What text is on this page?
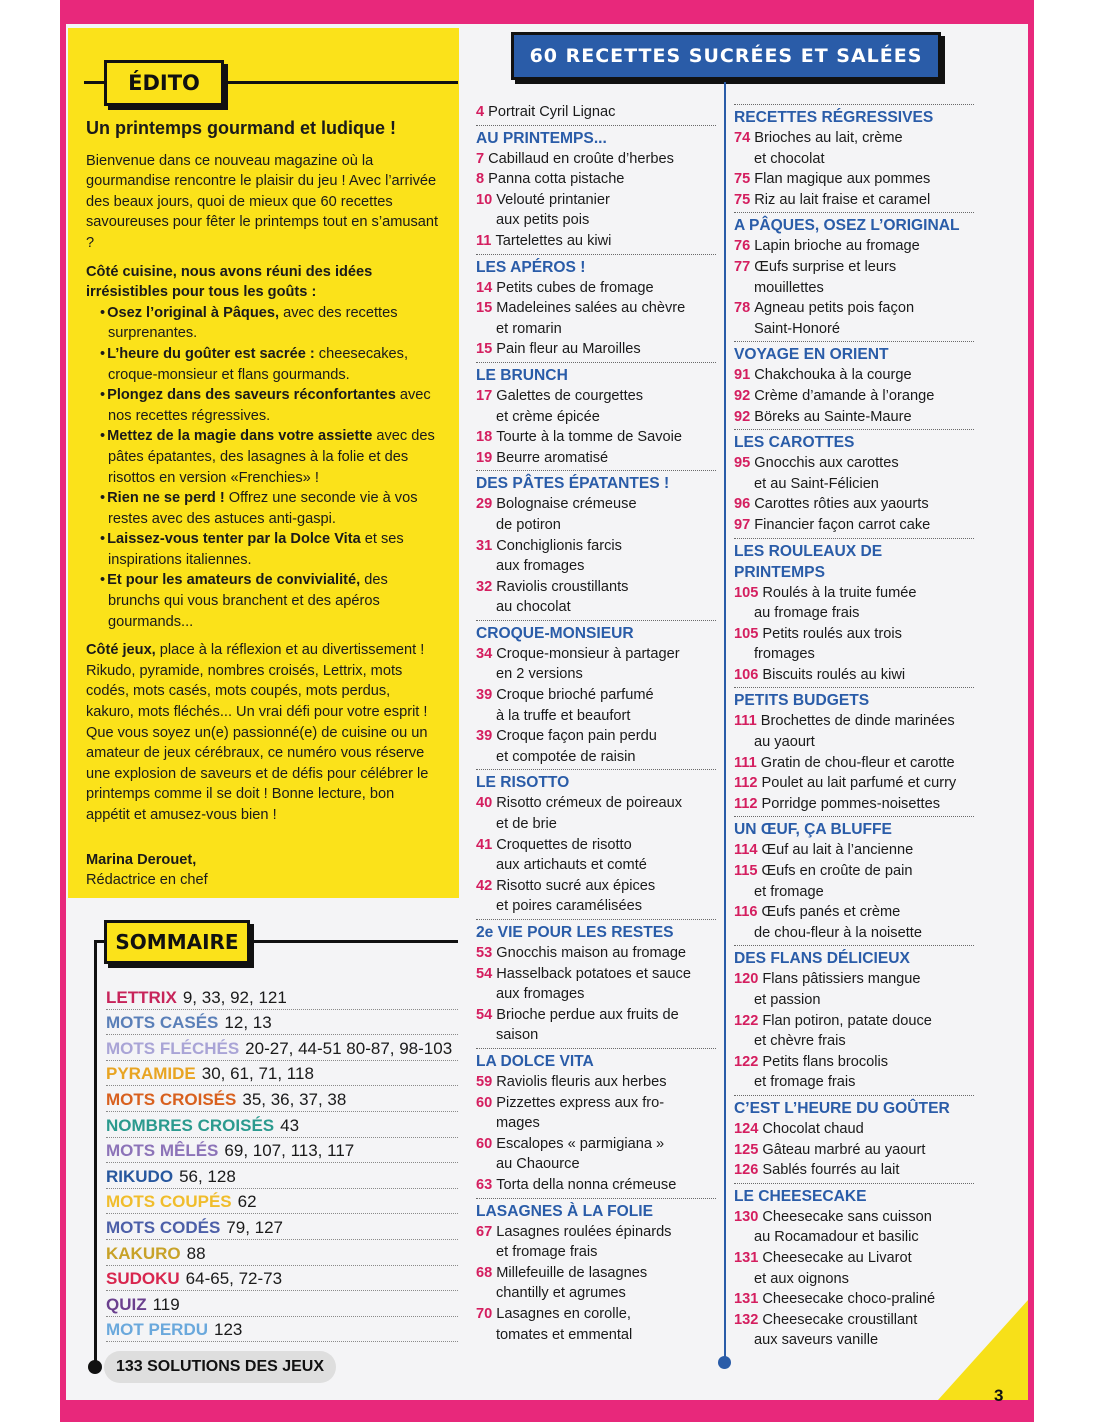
ÉDITO
Un printemps gourmand et ludique !

Bienvenue dans ce nouveau magazine où la gourmandise rencontre le plaisir du jeu ! Avec l’arrivée des beaux jours, quoi de mieux que 60 recettes savoureuses pour fêter le printemps tout en s’amusant ?

Côté cuisine, nous avons réuni des idées irrésistibles pour tous les goûts :

• Osez l’original à Pâques, avec des recettes surprenantes.
• L’heure du goûter est sacrée : cheesecakes, croque-monsieur et flans gourmands.
• Plongez dans des saveurs réconfortantes avec nos recettes régressives.
• Mettez de la magie dans votre assiette avec des pâtes épatantes, des lasagnes à la folie et des risottos en version «Frenchies» !
• Rien ne se perd ! Offrez une seconde vie à vos restes avec des astuces anti-gaspi.
• Laissez-vous tenter par la Dolce Vita et ses inspirations italiennes.
• Et pour les amateurs de convivialité, des brunchs qui vous branchent et des apéros gourmands...

Côté jeux, place à la réflexion et au divertissement ! Rikudo, pyramide, nombres croisés, Lettrix, mots codés, mots casés, mots coupés, mots perdus, kakuro, mots fléchés... Un vrai défi pour votre esprit ! Que vous soyez un(e) passionné(e) de cuisine ou un amateur de jeux cérébraux, ce numéro vous réserve une explosion de saveurs et de défis pour célébrer le printemps comme il se doit ! Bonne lecture, bon appétit et amusez-vous bien !

Marina Derouet,
Rédactrice en chef
SOMMAIRE
LETTRIX 9, 33, 92, 121
MOTS CASÉS 12, 13
MOTS FLÉCHÉS 20-27, 44-51 80-87, 98-103
PYRAMIDE 30, 61, 71, 118
MOTS CROISÉS 35, 36, 37, 38
NOMBRES CROISÉS 43
MOTS MÊLÉS 69, 107, 113, 117
RIKUDO 56, 128
MOTS COUPÉS 62
MOTS CODÉS 79, 127
KAKURO 88
SUDOKU 64-65, 72-73
QUIZ 119
MOT PERDU 123
133 SOLUTIONS DES JEUX
60 RECETTES SUCRÉES ET SALÉES
4 Portrait Cyril Lignac
AU PRINTEMPS...
7 Cabillaud en croûte d’herbes
8 Panna cotta pistache
10 Velouté printanier
aux petits pois
11 Tartelettes au kiwi
LES APÉROS !
14 Petits cubes de fromage
15 Madeleines salées au chèvre
et romarin
15 Pain fleur au Maroilles
LE BRUNCH
17 Galettes de courgettes
et crème épicée
18 Tourte à la tomme de Savoie
19 Beurre aromatisé
DES PÂTES ÉPATANTES !
29 Bolognaise crémeuse
de potiron
31 Conchiglionis farcis
aux fromages
32 Raviolis croustillants
au chocolat
CROQUE-MONSIEUR
34 Croque-monsieur à partager
en 2 versions
39 Croque brioché parfumé
à la truffe et beaufort
39 Croque façon pain perdu
et compotée de raisin
LE RISOTTO
40 Risotto crémeux de poireaux
et de brie
41 Croquettes de risotto
aux artichauts et comté
42 Risotto sucré aux épices
et poires caramélisées
2e VIE POUR LES RESTES
53 Gnocchis maison au fromage
54 Hasselback potatoes et sauce
aux fromages
54 Brioche perdue aux fruits de
saison
LA DOLCE VITA
59 Raviolis fleuris aux herbes
60 Pizzettes express aux fro-
mages
60 Escalopes « parmigiana »
au Chaource
63 Torta della nonna crémeuse
LASAGNES À LA FOLIE
67 Lasagnes roulées épinards
et fromage frais
68 Millefeuille de lasagnes
chantilly et agrumes
70 Lasagnes en corolle,
tomates et emmental
RECETTES RÉGRESSIVES
74 Brioches au lait, crème
et chocolat
75 Flan magique aux pommes
75 Riz au lait fraise et caramel
A PÂQUES, OSEZ L’ORIGINAL
76 Lapin brioche au fromage
77 Œufs surprise et leurs
mouillettes
78 Agneau petits pois façon
Saint-Honoré
VOYAGE EN ORIENT
91 Chakchouka à la courge
92 Crème d’amande à l’orange
92 Böreks au Sainte-Maure
LES CAROTTES
95 Gnocchis aux carottes
et au Saint-Félicien
96 Carottes rôties aux yaourts
97 Financier façon carrot cake
LES ROULEAUX DE PRINTEMPS
105 Roulés à la truite fumée
au fromage frais
105 Petits roulés aux trois
fromages
106 Biscuits roulés au kiwi
PETITS BUDGETS
111 Brochettes de dinde marinées
au yaourt
111 Gratin de chou-fleur et carotte
112 Poulet au lait parfumé et curry
112 Porridge pommes-noisettes
UN ŒUF, ÇA BLUFFE
114 Œuf au lait à l’ancienne
115 Œufs en croûte de pain
et fromage
116 Œufs panés et crème
de chou-fleur à la noisette
DES FLANS DÉLICIEUX
120 Flans pâtissiers mangue
et passion
122 Flan potiron, patate douce
et chèvre frais
122 Petits flans brocolis
et fromage frais
C’EST L’HEURE DU GOÛTER
124 Chocolat chaud
125 Gâteau marbré au yaourt
126 Sablés fourrés au lait
LE CHEESECAKE
130 Cheesecake sans cuisson
au Rocamadour et basilic
131 Cheesecake au Livarot
et aux oignons
131 Cheesecake choco-praliné
132 Cheesecake croustillant
aux saveurs vanille
3
